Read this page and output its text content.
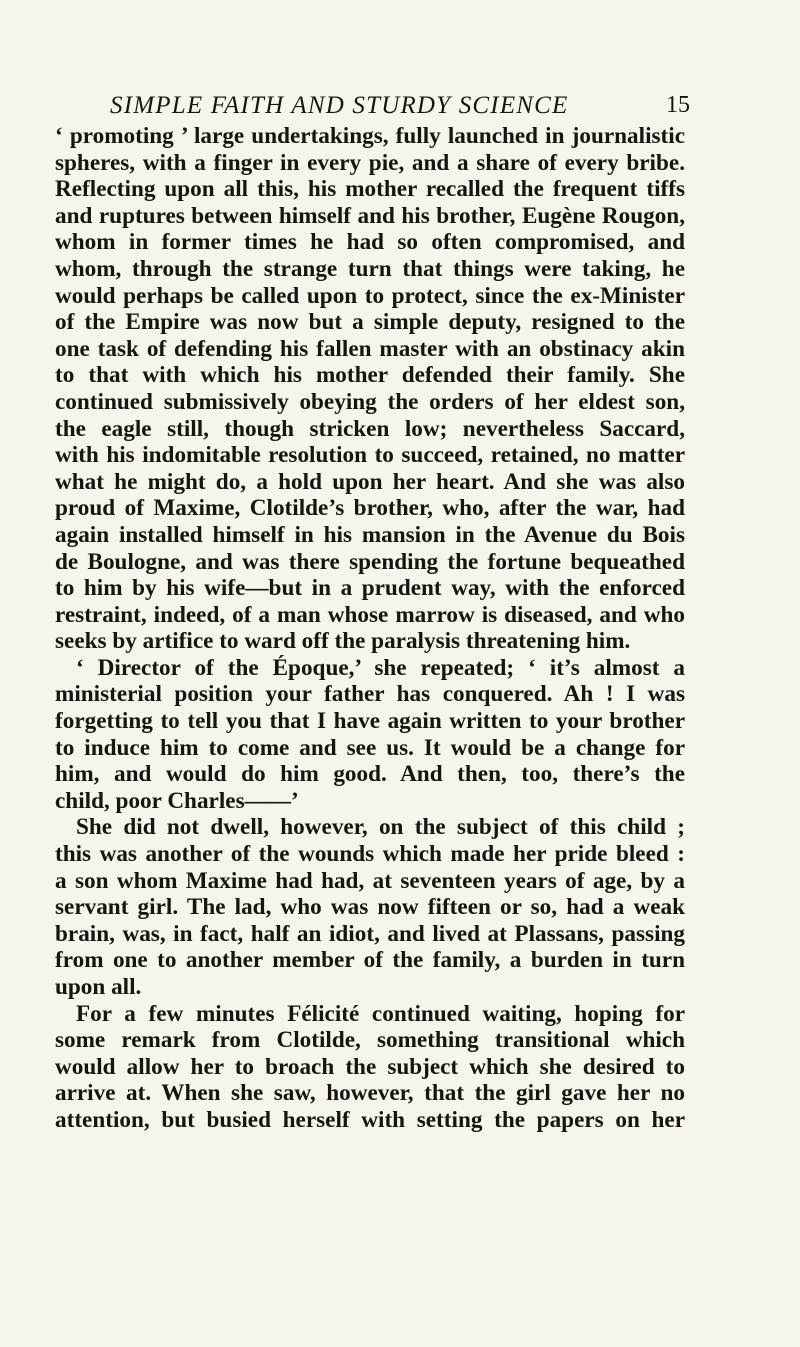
SIMPLE FAITH AND STURDY SCIENCE	15
‘ promoting ’ large undertakings, fully launched in journalistic
spheres, with a finger in every pie, and a share of every bribe.
Reflecting upon all this, his mother recalled the frequent tiffs
and ruptures between himself and his brother, Eugène Rougon,
whom in former times he had so often compromised, and
whom, through the strange turn that things were taking, he
would perhaps be called upon to protect, since the ex-Minister
of the Empire was now but a simple deputy, resigned to the
one task of defending his fallen master with an obstinacy akin
to that with which his mother defended their family. She
continued submissively obeying the orders of her eldest son,
the eagle still, though stricken low; nevertheless Saccard,
with his indomitable resolution to succeed, retained, no matter
what he might do, a hold upon her heart. And she was also
proud of Maxime, Clotilde’s brother, who, after the war, had
again installed himself in his mansion in the Avenue du Bois
de Boulogne, and was there spending the fortune bequeathed
to him by his wife—but in a prudent way, with the enforced
restraint, indeed, of a man whose marrow is diseased, and who
seeks by artifice to ward off the paralysis threatening him.
‘ Director of the Époque,’ she repeated; ‘ it’s almost a
ministerial position your father has conquered. Ah ! I was
forgetting to tell you that I have again written to your brother
to induce him to come and see us. It would be a change for
him, and would do him good. And then, too, there’s the
child, poor Charles——’
She did not dwell, however, on the subject of this child ;
this was another of the wounds which made her pride bleed :
a son whom Maxime had had, at seventeen years of age, by a
servant girl. The lad, who was now fifteen or so, had a weak
brain, was, in fact, half an idiot, and lived at Plassans, passing
from one to another member of the family, a burden in turn
upon all.
For a few minutes Félicité continued waiting, hoping for
some remark from Clotilde, something transitional which
would allow her to broach the subject which she desired to
arrive at. When she saw, however, that the girl gave her no
attention, but busied herself with setting the papers on her
